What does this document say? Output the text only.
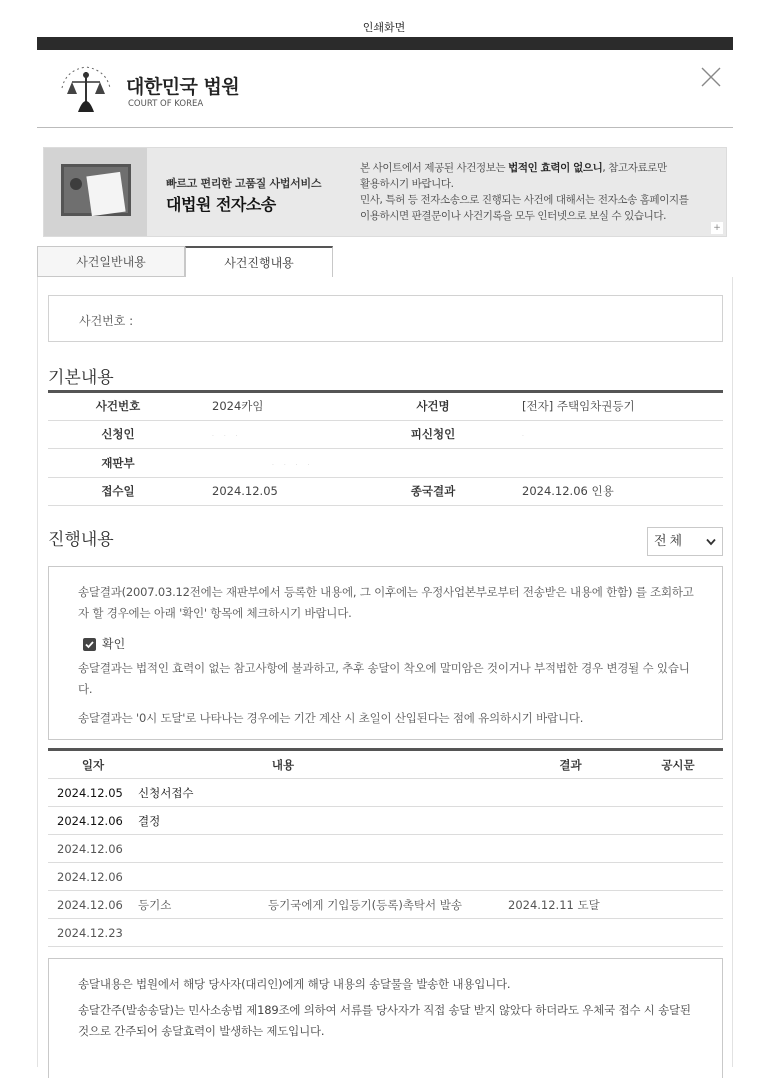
인쇄화면
대한민국 법원
COURT OF KOREA
빠르고 편리한 고품질 사법서비스
대법원 전자소송
본 사이트에서 제공된 사건정보는 법적인 효력이 없으니, 참고자료로만
활용하시기 바랍니다.
민사, 특허 등 전자소송으로 진행되는 사건에 대해서는 전자소송 홈페이지를
이용하시면 판결문이나 사건기록을 모두 인터넷으로 보실 수 있습니다.
+
사건일반내용	사건진행내용
사건번호 :
기본내용
사건번호	2024카임	사건명	[전자] 주택임차권등기
신청인	· · ·	피신청인	·
재판부	· · · ·		
접수일	2024.12.05	종국결과	2024.12.06 인용
진행내용	전체

송달결과(2007.03.12전에는 재판부에서 등록한 내용에, 그 이후에는 우정사업본부로부터 전송받은 내용에 한함) 를 조회하고자 할 경우에는 아래 '확인' 항목에 체크하시기 바랍니다.

확인

송달결과는 법적인 효력이 없는 참고사항에 불과하고, 추후 송달이 착오에 말미암은 것이거나 부적법한 경우 변경될 수 있습니다.

송달결과는 '0시 도달'로 나타나는 경우에는 기간 계산 시 초일이 산입된다는 점에 유의하시기 바랍니다.

일자	내용		결과	공시문
2024.12.05	신청서접수			
2024.12.06	결정			
2024.12.06				
2024.12.06				
2024.12.06	등기소	등기국에게 기입등기(등록)촉탁서 발송	2024.12.11 도달	
2024.12.23				

송달내용은 법원에서 해당 당사자(대리인)에게 해당 내용의 송달물을 발송한 내용입니다.

송달간주(발송송달)는 민사소송법 제189조에 의하여 서류를 당사자가 직접 송달 받지 않았다 하더라도 우체국 접수 시 송달된 것으로 간주되어 송달효력이 발생하는 제도입니다.
